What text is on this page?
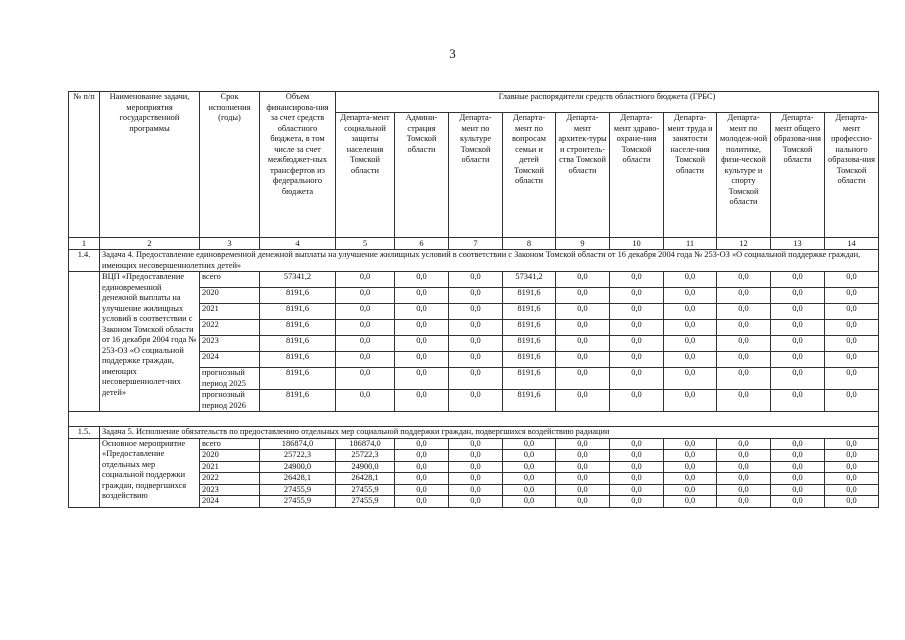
3
№ п/п	Наименование задачи, мероприятия государственной программы	Срок исполнения (годы)	Объем финансирова-ния за счет средств областного бюджета, в том числе за счет межбюджет-ных трансфертов из федерального бюджета	Главные распорядители средств областного бюджета (ГРБС)									
				Департа-мент социальной защиты населения Томской области	Админи-страция Томской области	Департа-мент по культуре Томской области	Департа-мент по вопросам семьи и детей Томской области	Департа-мент архитек-туры и строитель-ства Томской области	Департа-мент здраво-охране-ния Томской области	Департа-мент труда и занятости населе-ния Томской области	Департа-мент по молодеж-ной политике, физи-ческой культуре и спорту Томской области	Департа-мент общего образова-ния Томской области	Департа-мент профессио-нального образова-ния Томской области
1	2	3	4	5	6	7	8	9	10	11	12	13	14
1.4.	Задача 4. Предоставление единовременной денежной выплаты на улучшение жилищных условий в соответствии с Законом Томской области от 16 декабря 2004 года № 253-ОЗ «О социальной поддержке граждан, имеющих несовершеннолетних детей»												
	ВЦП «Предоставление единовременной денежной выплаты на улучшение жилищных условий в соответствии с Законом Томской области от 16 декабря 2004 года № 253-ОЗ «О социальной поддержке граждан, имеющих несовершеннолет-них детей»	всего	57341,2	0,0	0,0	0,0	57341,2	0,0	0,0	0,0	0,0	0,0	0,0
		2020	8191,6	0,0	0,0	0,0	8191,6	0,0	0,0	0,0	0,0	0,0	0,0
		2021	8191,6	0,0	0,0	0,0	8191,6	0,0	0,0	0,0	0,0	0,0	0,0
		2022	8191,6	0,0	0,0	0,0	8191,6	0,0	0,0	0,0	0,0	0,0	0,0
		2023	8191,6	0,0	0,0	0,0	8191,6	0,0	0,0	0,0	0,0	0,0	0,0
		2024	8191,6	0,0	0,0	0,0	8191,6	0,0	0,0	0,0	0,0	0,0	0,0
		прогнозный период 2025	8191,6	0,0	0,0	0,0	8191,6	0,0	0,0	0,0	0,0	0,0	0,0
		прогнозный период 2026	8191,6	0,0	0,0	0,0	8191,6	0,0	0,0	0,0	0,0	0,0	0,0

1.5.	Задача 5. Исполнение обязательств по предоставлению отдельных мер социальной поддержки граждан, подвергшихся воздействию радиации												
	Основное мероприятие «Предоставление отдельных мер социальной поддержки граждан, подвергшихся воздействию	всего	186874,0	186874,0	0,0	0,0	0,0	0,0	0,0	0,0	0,0	0,0	0,0
		2020	25722,3	25722,3	0,0	0,0	0,0	0,0	0,0	0,0	0,0	0,0	0,0
		2021	24900,0	24900,0	0,0	0,0	0,0	0,0	0,0	0,0	0,0	0,0	0,0
		2022	26428,1	26428,1	0,0	0,0	0,0	0,0	0,0	0,0	0,0	0,0	0,0
		2023	27455,9	27455,9	0,0	0,0	0,0	0,0	0,0	0,0	0,0	0,0	0,0
		2024	27455,9	27455,9	0,0	0,0	0,0	0,0	0,0	0,0	0,0	0,0	0,0
